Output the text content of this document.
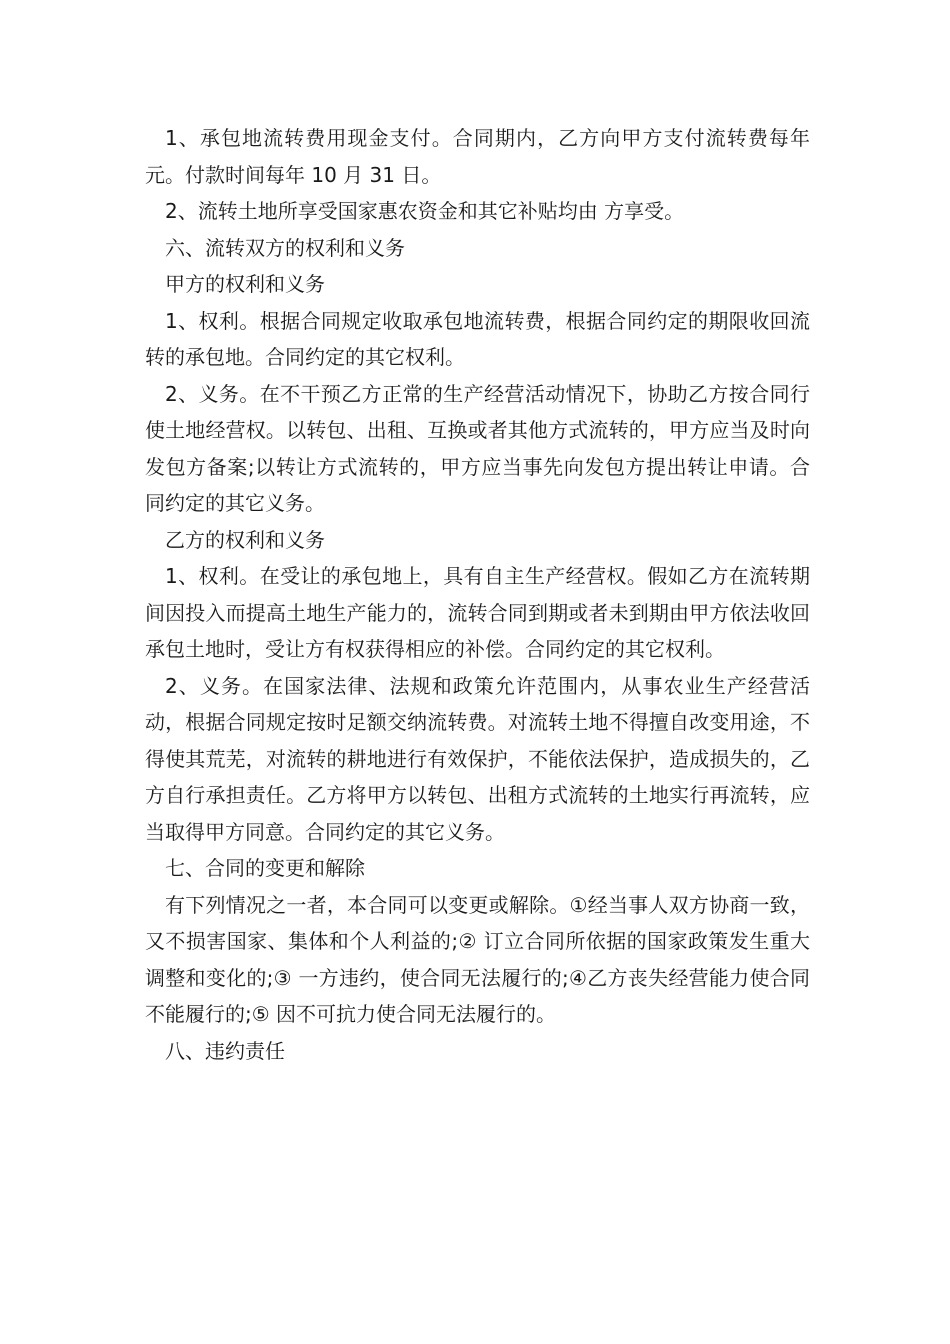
1、承包地流转费用现金支付。合同期内，乙方向甲方支付流转费每年 元。付款时间每年 10 月 31 日。

2、流转土地所享受国家惠农资金和其它补贴均由 方享受。

六、流转双方的权利和义务

甲方的权利和义务

1、权利。根据合同规定收取承包地流转费，根据合同约定的期限收回流转的承包地。合同约定的其它权利。

2、义务。在不干预乙方正常的生产经营活动情况下，协助乙方按合同行使土地经营权。以转包、出租、互换或者其他方式流转的，甲方应当及时向发包方备案;以转让方式流转的，甲方应当事先向发包方提出转让申请。合同约定的其它义务。

乙方的权利和义务

1、权利。在受让的承包地上，具有自主生产经营权。假如乙方在流转期间因投入而提高土地生产能力的，流转合同到期或者未到期由甲方依法收回承包土地时，受让方有权获得相应的补偿。合同约定的其它权利。

2、义务。在国家法律、法规和政策允许范围内，从事农业生产经营活动，根据合同规定按时足额交纳流转费。对流转土地不得擅自改变用途，不得使其荒芜，对流转的耕地进行有效保护，不能依法保护，造成损失的，乙方自行承担责任。乙方将甲方以转包、出租方式流转的土地实行再流转，应当取得甲方同意。合同约定的其它义务。

七、合同的变更和解除

有下列情况之一者，本合同可以变更或解除。①经当事人双方协商一致，又不损害国家、集体和个人利益的;② 订立合同所依据的国家政策发生重大调整和变化的;③ 一方违约，使合同无法履行的;④乙方丧失经营能力使合同不能履行的;⑤ 因不可抗力使合同无法履行的。

八、违约责任
